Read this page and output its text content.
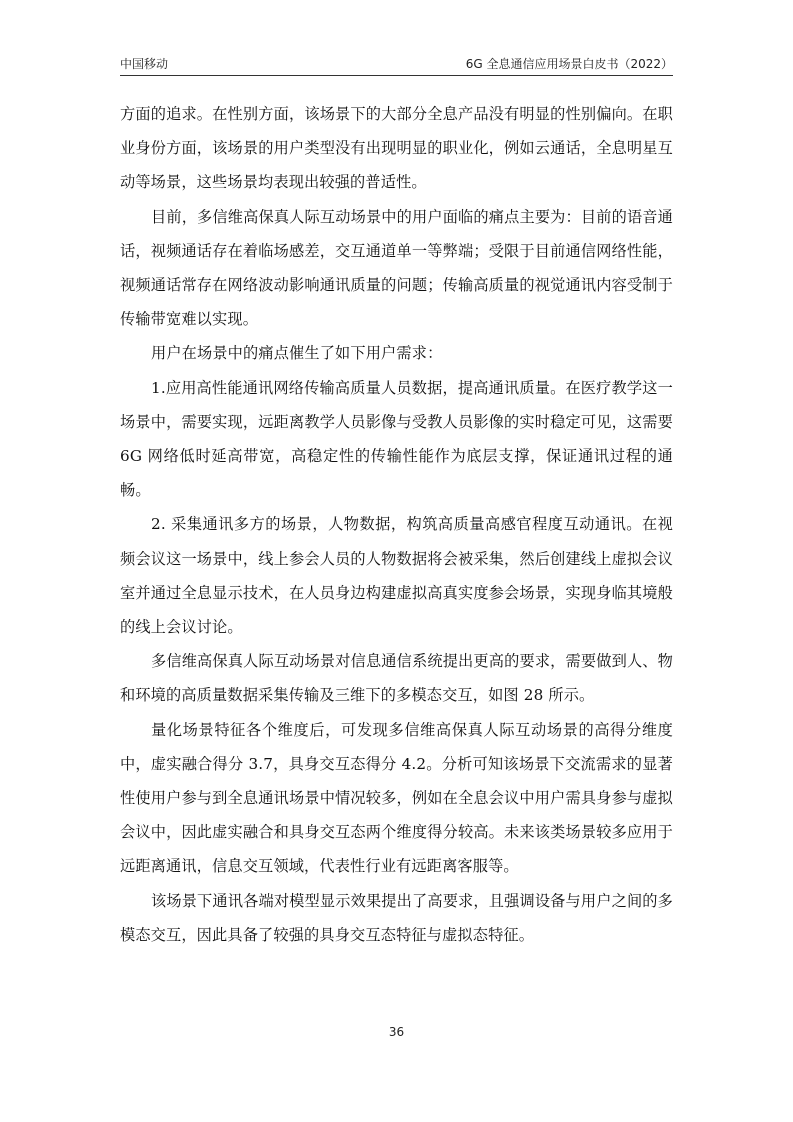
中国移动	6G 全息通信应用场景白皮书（2022）

方面的追求。在性别方面，该场景下的大部分全息产品没有明显的性别偏向。在职业身份方面，该场景的用户类型没有出现明显的职业化，例如云通话，全息明星互动等场景，这些场景均表现出较强的普适性。

目前，多信维高保真人际互动场景中的用户面临的痛点主要为：目前的语音通话，视频通话存在着临场感差，交互通道单一等弊端；受限于目前通信网络性能，视频通话常存在网络波动影响通讯质量的问题；传输高质量的视觉通讯内容受制于传输带宽难以实现。

用户在场景中的痛点催生了如下用户需求：

1.应用高性能通讯网络传输高质量人员数据，提高通讯质量。在医疗教学这一场景中，需要实现，远距离教学人员影像与受教人员影像的实时稳定可见，这需要 6G 网络低时延高带宽，高稳定性的传输性能作为底层支撑，保证通讯过程的通畅。

2. 采集通讯多方的场景，人物数据，构筑高质量高感官程度互动通讯。在视频会议这一场景中，线上参会人员的人物数据将会被采集，然后创建线上虚拟会议室并通过全息显示技术，在人员身边构建虚拟高真实度参会场景，实现身临其境般的线上会议讨论。

多信维高保真人际互动场景对信息通信系统提出更高的要求，需要做到人、物和环境的高质量数据采集传输及三维下的多模态交互，如图 28 所示。

量化场景特征各个维度后，可发现多信维高保真人际互动场景的高得分维度中，虚实融合得分 3.7，具身交互态得分 4.2。分析可知该场景下交流需求的显著性使用户参与到全息通讯场景中情况较多，例如在全息会议中用户需具身参与虚拟会议中，因此虚实融合和具身交互态两个维度得分较高。未来该类场景较多应用于远距离通讯，信息交互领域，代表性行业有远距离客服等。

该场景下通讯各端对模型显示效果提出了高要求，且强调设备与用户之间的多模态交互，因此具备了较强的具身交互态特征与虚拟态特征。

36
